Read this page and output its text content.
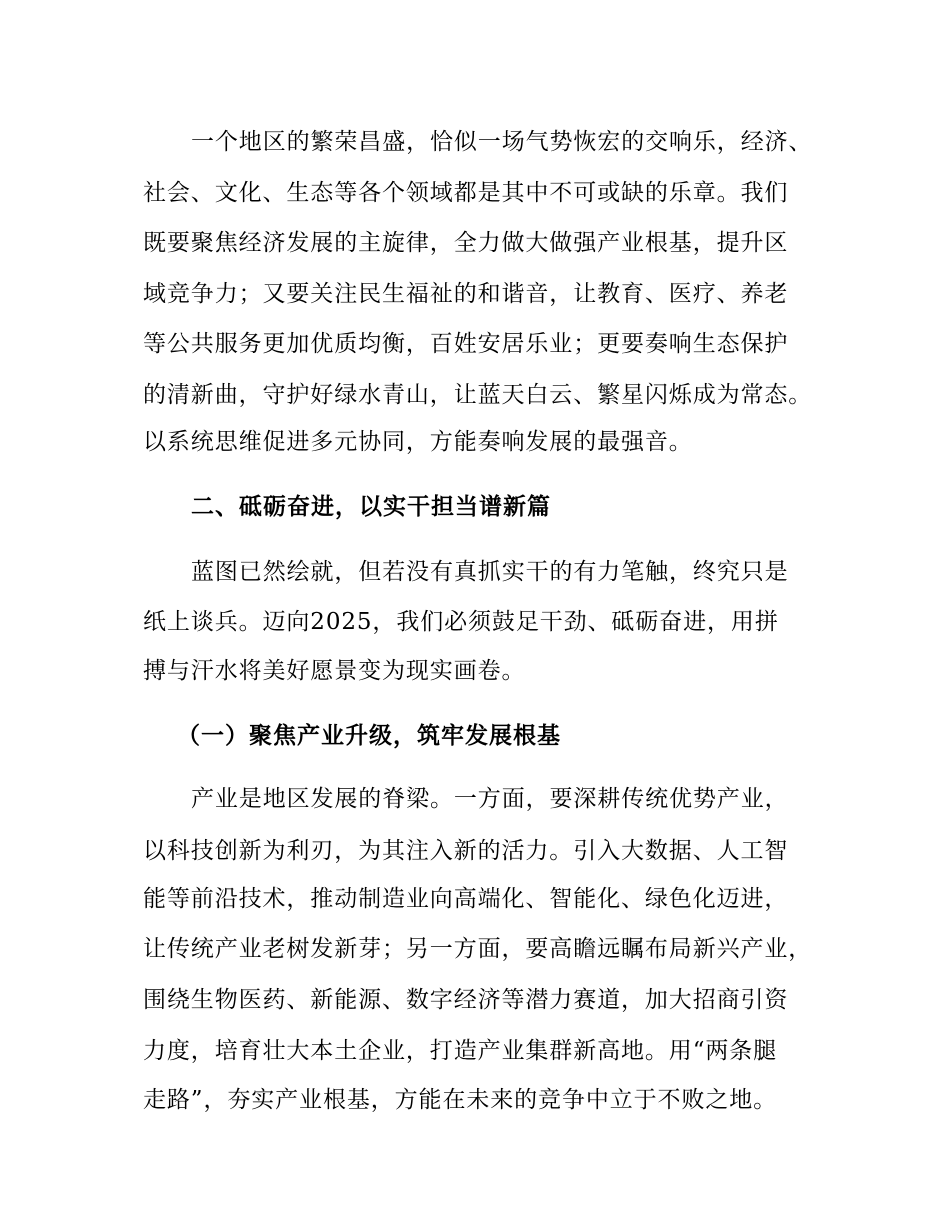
一个地区的繁荣昌盛，恰似一场气势恢宏的交响乐，经济、
社会、文化、生态等各个领域都是其中不可或缺的乐章。我们
既要聚焦经济发展的主旋律，全力做大做强产业根基，提升区
域竞争力；又要关注民生福祉的和谐音，让教育、医疗、养老
等公共服务更加优质均衡，百姓安居乐业；更要奏响生态保护
的清新曲，守护好绿水青山，让蓝天白云、繁星闪烁成为常态。
以系统思维促进多元协同，方能奏响发展的最强音。
二、砥砺奋进，以实干担当谱新篇
蓝图已然绘就，但若没有真抓实干的有力笔触，终究只是
纸上谈兵。迈向2025，我们必须鼓足干劲、砥砺奋进，用拼
搏与汗水将美好愿景变为现实画卷。
（一）聚焦产业升级，筑牢发展根基
产业是地区发展的脊梁。一方面，要深耕传统优势产业，
以科技创新为利刃，为其注入新的活力。引入大数据、人工智
能等前沿技术，推动制造业向高端化、智能化、绿色化迈进，
让传统产业老树发新芽；另一方面，要高瞻远瞩布局新兴产业，
围绕生物医药、新能源、数字经济等潜力赛道，加大招商引资
力度，培育壮大本土企业，打造产业集群新高地。用“两条腿
走路”，夯实产业根基，方能在未来的竞争中立于不败之地。
